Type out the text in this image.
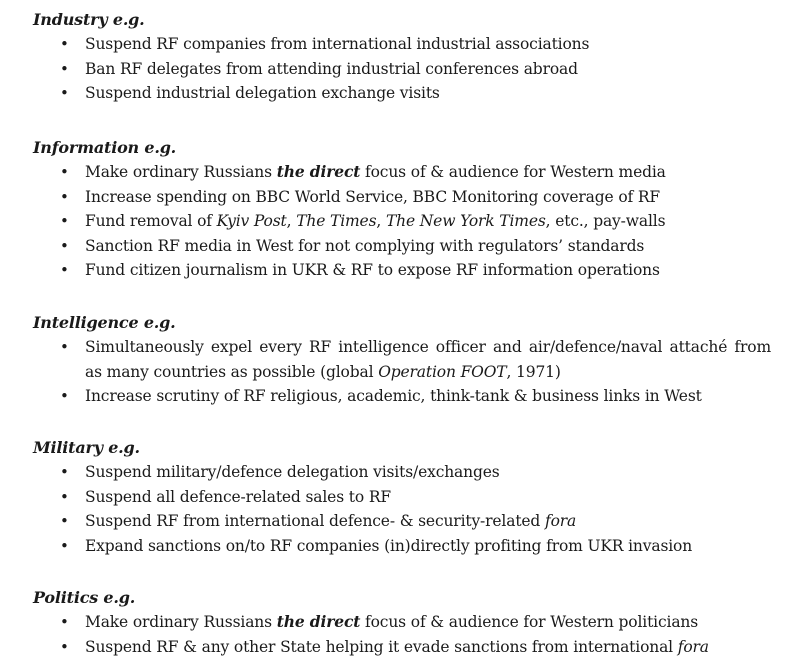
Industry e.g.

• Suspend RF companies from international industrial associations
• Ban RF delegates from attending industrial conferences abroad
• Suspend industrial delegation exchange visits

Information e.g.

• Make ordinary Russians the direct focus of & audience for Western media
• Increase spending on BBC World Service, BBC Monitoring coverage of RF
• Fund removal of Kyiv Post, The Times, The New York Times, etc., pay-walls
• Sanction RF media in West for not complying with regulators’ standards
• Fund citizen journalism in UKR & RF to expose RF information operations

Intelligence e.g.

• Simultaneously expel every RF intelligence officer and air/defence/naval attaché from as many countries as possible (global Operation FOOT, 1971)
• Increase scrutiny of RF religious, academic, think-tank & business links in West

Military e.g.

• Suspend military/defence delegation visits/exchanges
• Suspend all defence-related sales to RF
• Suspend RF from international defence- & security-related fora
• Expand sanctions on/to RF companies (in)directly profiting from UKR invasion

Politics e.g.

• Make ordinary Russians the direct focus of & audience for Western politicians
• Suspend RF & any other State helping it evade sanctions from international fora
